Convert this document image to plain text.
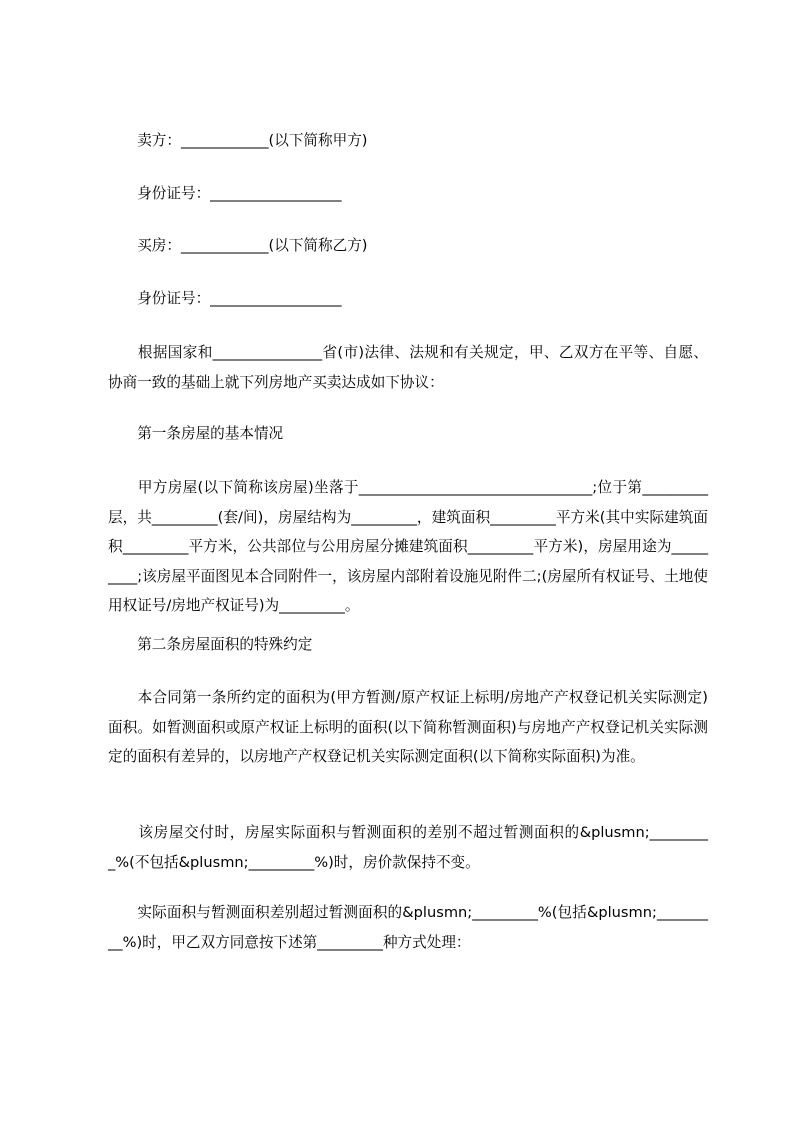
　　卖方：____________(以下简称甲方)

　　身份证号：__________________

　　买房：____________(以下简称乙方)

　　身份证号：__________________

　　根据国家和_______________省(市)法律、法规和有关规定，甲、乙双方在平等、自愿、协商一致的基础上就下列房地产买卖达成如下协议：

　　第一条房屋的基本情况

　　甲方房屋(以下简称该房屋)坐落于________________________________;位于第_________层，共_________(套/间)，房屋结构为_________，建筑面积_________平方米(其中实际建筑面积_________平方米，公共部位与公用房屋分摊建筑面积_________平方米)，房屋用途为_________;该房屋平面图见本合同附件一，该房屋内部附着设施见附件二;(房屋所有权证号、土地使用权证号/房地产权证号)为_________。

　　第二条房屋面积的特殊约定

　　本合同第一条所约定的面积为(甲方暂测/原产权证上标明/房地产产权登记机关实际测定)面积。如暂测面积或原产权证上标明的面积(以下简称暂测面积)与房地产产权登记机关实际测定的面积有差异的，以房地产产权登记机关实际测定面积(以下简称实际面积)为准。

　　该房屋交付时，房屋实际面积与暂测面积的差别不超过暂测面积的&plusmn;_________%(不包括&plusmn;_________%)时，房价款保持不变。

　　实际面积与暂测面积差别超过暂测面积的&plusmn;_________%(包括&plusmn;_________%)时，甲乙双方同意按下述第_________种方式处理：
